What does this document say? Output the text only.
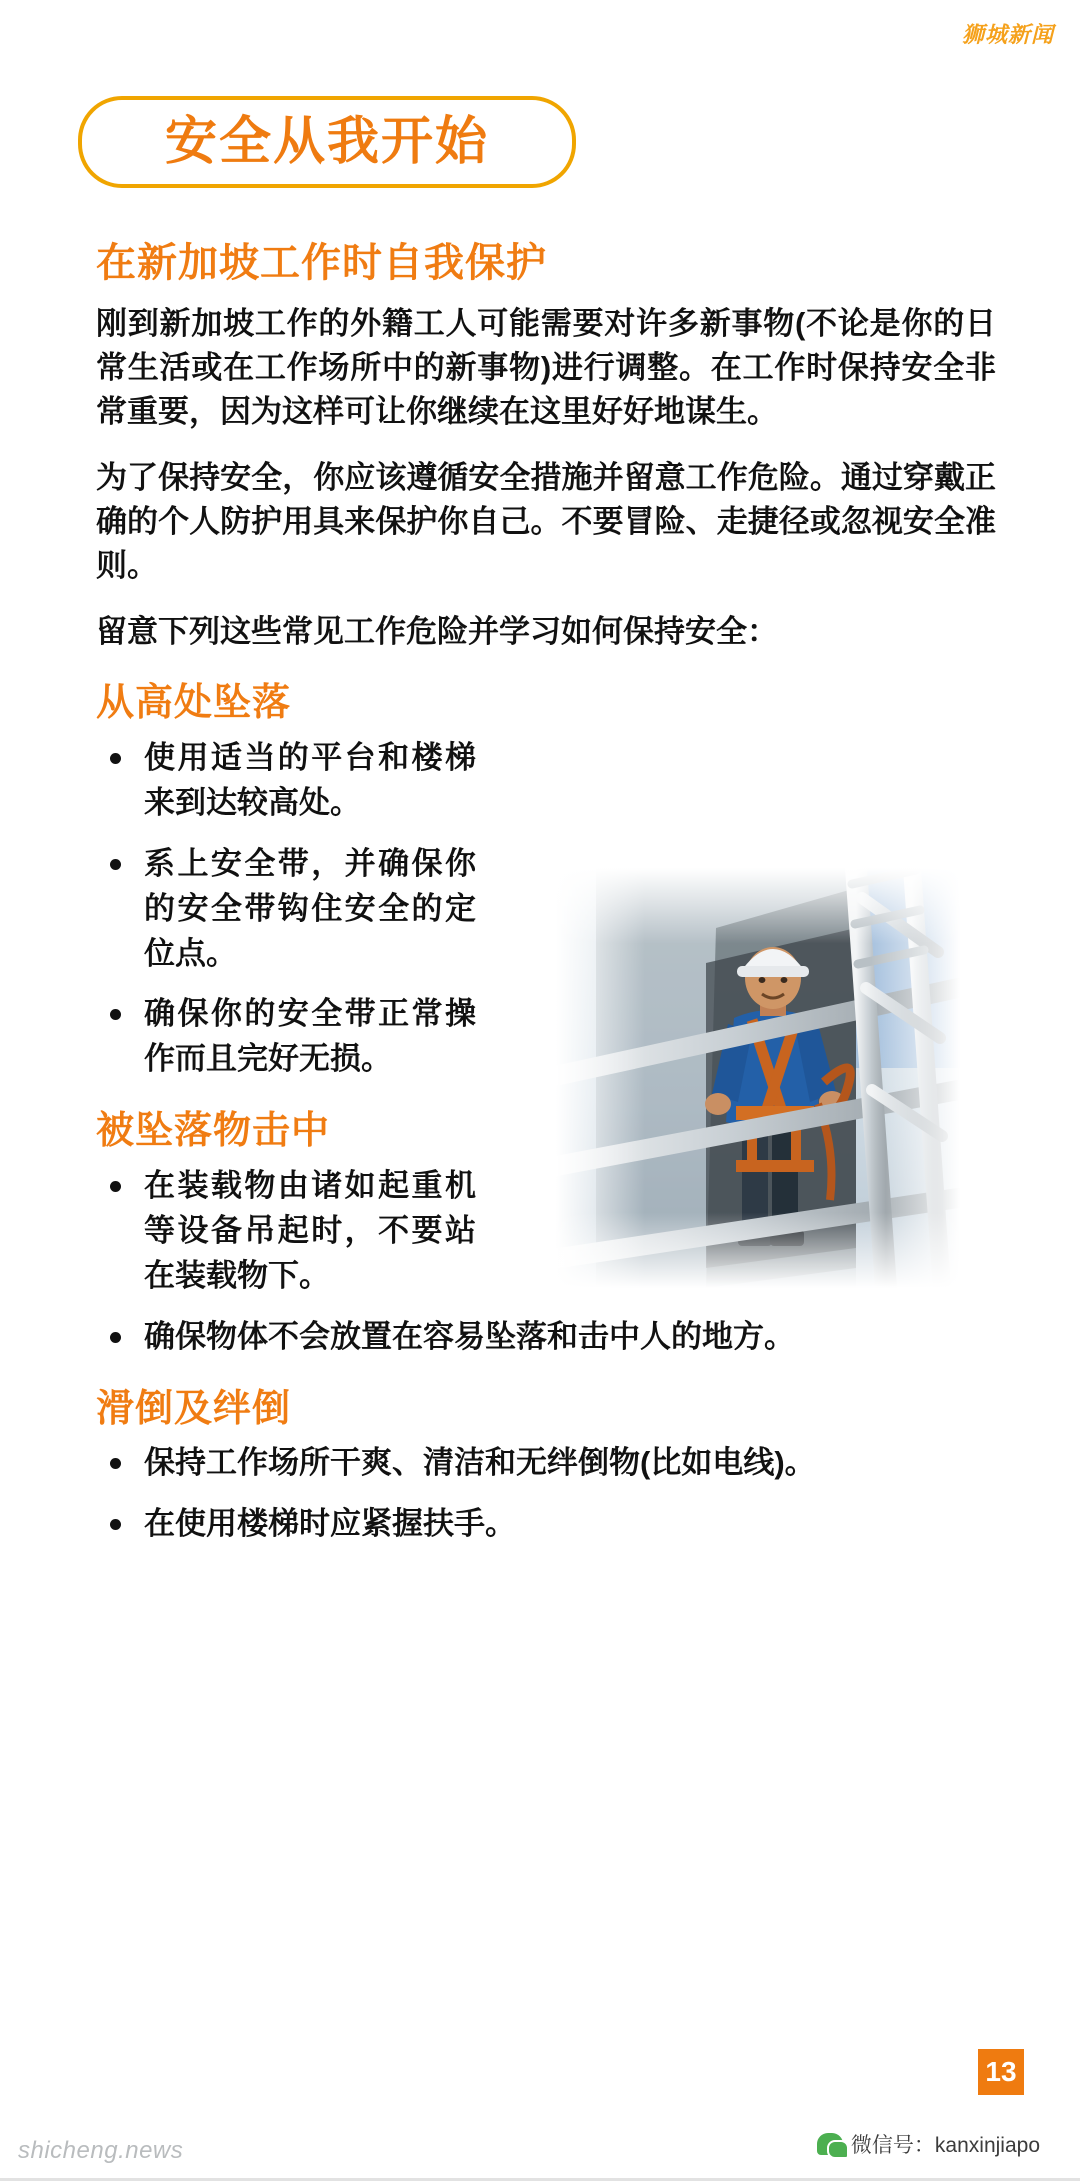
狮城新闻
安全从我开始
在新加坡工作时自我保护

刚到新加坡工作的外籍工人可能需要对许多新事物(不论是你的日常生活或在工作场所中的新事物)进行调整。在工作时保持安全非常重要，因为这样可让你继续在这里好好地谋生。

为了保持安全，你应该遵循安全措施并留意工作危险。通过穿戴正确的个人防护用具来保护你自己。不要冒险、走捷径或忽视安全准则。

留意下列这些常见工作危险并学习如何保持安全：

从高处坠落
使用适当的平台和楼梯来到达较高处。
系上安全带，并确保你的安全带钩住安全的定位点。
确保你的安全带正常操作而且完好无损。
被坠落物击中
在装载物由诸如起重机等设备吊起时，不要站在装载物下。
确保物体不会放置在容易坠落和击中人的地方。
滑倒及绊倒
保持工作场所干爽、清洁和无绊倒物(比如电线)。
在使用楼梯时应紧握扶手。
13
微信号：kanxinjiapo
shicheng.news
